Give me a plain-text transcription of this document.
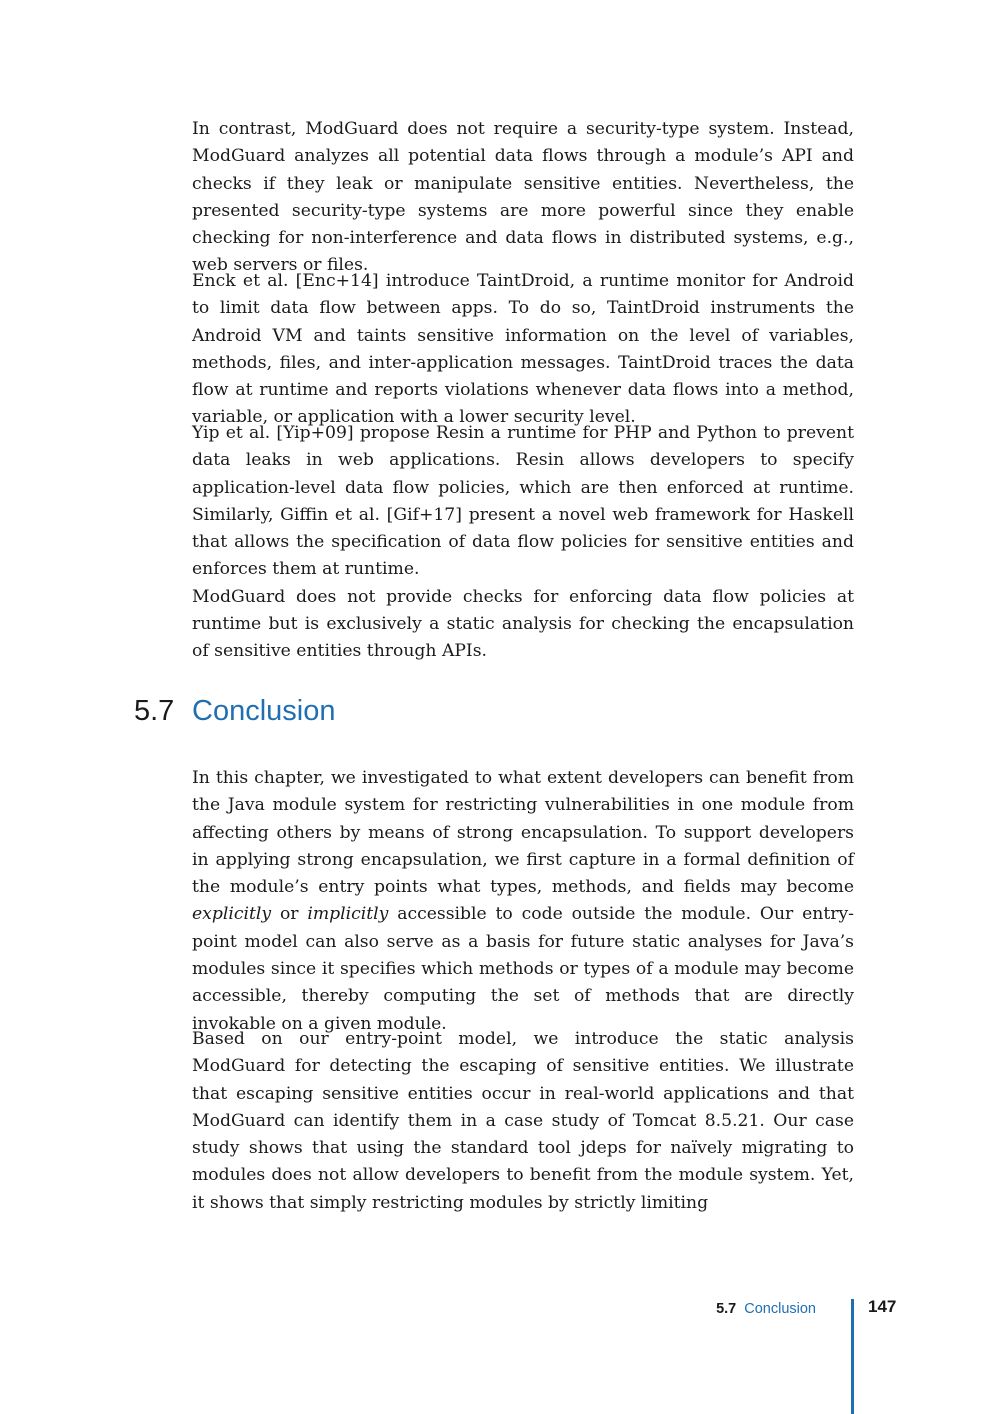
In contrast, ModGuard does not require a security-type system. Instead, ModGuard analyzes all potential data flows through a module’s API and checks if they leak or manipulate sensitive entities. Nevertheless, the presented security-type systems are more powerful since they enable checking for non-interference and data flows in distributed systems, e.g., web servers or files.

Enck et al. [Enc+14] introduce TaintDroid, a runtime monitor for Android to limit data flow between apps. To do so, TaintDroid instruments the Android VM and taints sensitive information on the level of variables, methods, files, and inter-application messages. TaintDroid traces the data flow at runtime and reports violations whenever data flows into a method, variable, or application with a lower security level.

Yip et al. [Yip+09] propose Resin a runtime for PHP and Python to prevent data leaks in web applications. Resin allows developers to specify application-level data flow policies, which are then enforced at runtime. Similarly, Giffin et al. [Gif+17] present a novel web framework for Haskell that allows the specification of data flow policies for sensitive entities and enforces them at runtime.

ModGuard does not provide checks for enforcing data flow policies at runtime but is exclusively a static analysis for checking the encapsulation of sensitive entities through APIs.

5.7 Conclusion

In this chapter, we investigated to what extent developers can benefit from the Java module system for restricting vulnerabilities in one module from affecting others by means of strong encapsulation. To support developers in applying strong encapsulation, we first capture in a formal definition of the module’s entry points what types, methods, and fields may become explicitly or implicitly accessible to code outside the module. Our entry-point model can also serve as a basis for future static analyses for Java’s modules since it specifies which methods or types of a module may become accessible, thereby computing the set of methods that are directly invokable on a given module.

Based on our entry-point model, we introduce the static analysis ModGuard for detecting the escaping of sensitive entities. We illustrate that escaping sensitive entities occur in real-world applications and that ModGuard can identify them in a case study of Tomcat 8.5.21. Our case study shows that using the standard tool jdeps for naïvely migrating to modules does not allow developers to benefit from the module system. Yet, it shows that simply restricting modules by strictly limiting

5.7 Conclusion	147
